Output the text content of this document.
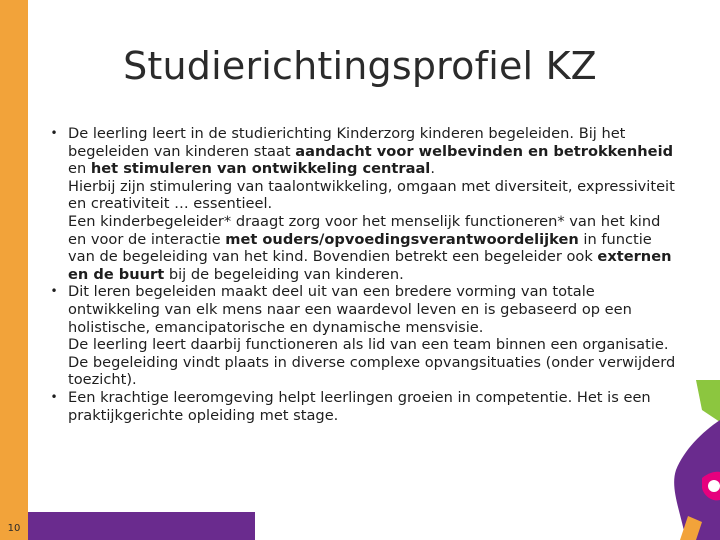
10
Studierichtingsprofiel KZ
• De leerling leert in de studierichting Kinderzorg kinderen begeleiden. Bij het begeleiden van kinderen staat aandacht voor welbevinden en betrokkenheid en het stimuleren van ontwikkeling centraal.
Hierbij zijn stimulering van taalontwikkeling, omgaan met diversiteit, expressiviteit en creativiteit … essentieel.
Een kinderbegeleider* draagt zorg voor het menselijk functioneren* van het kind en voor de interactie met ouders/opvoedingsverantwoordelijken in functie van de begeleiding van het kind. Bovendien betrekt een begeleider ook externen en de buurt bij de begeleiding van kinderen.
• Dit leren begeleiden maakt deel uit van een bredere vorming van totale ontwikkeling van elk mens naar een waardevol leven en is gebaseerd op een holistische, emancipatorische en dynamische mensvisie.
De leerling leert daarbij functioneren als lid van een team binnen een organisatie.
De begeleiding vindt plaats in diverse complexe opvangsituaties (onder verwijderd toezicht).
• Een krachtige leeromgeving helpt leerlingen groeien in competentie. Het is een praktijkgerichte opleiding met stage.
